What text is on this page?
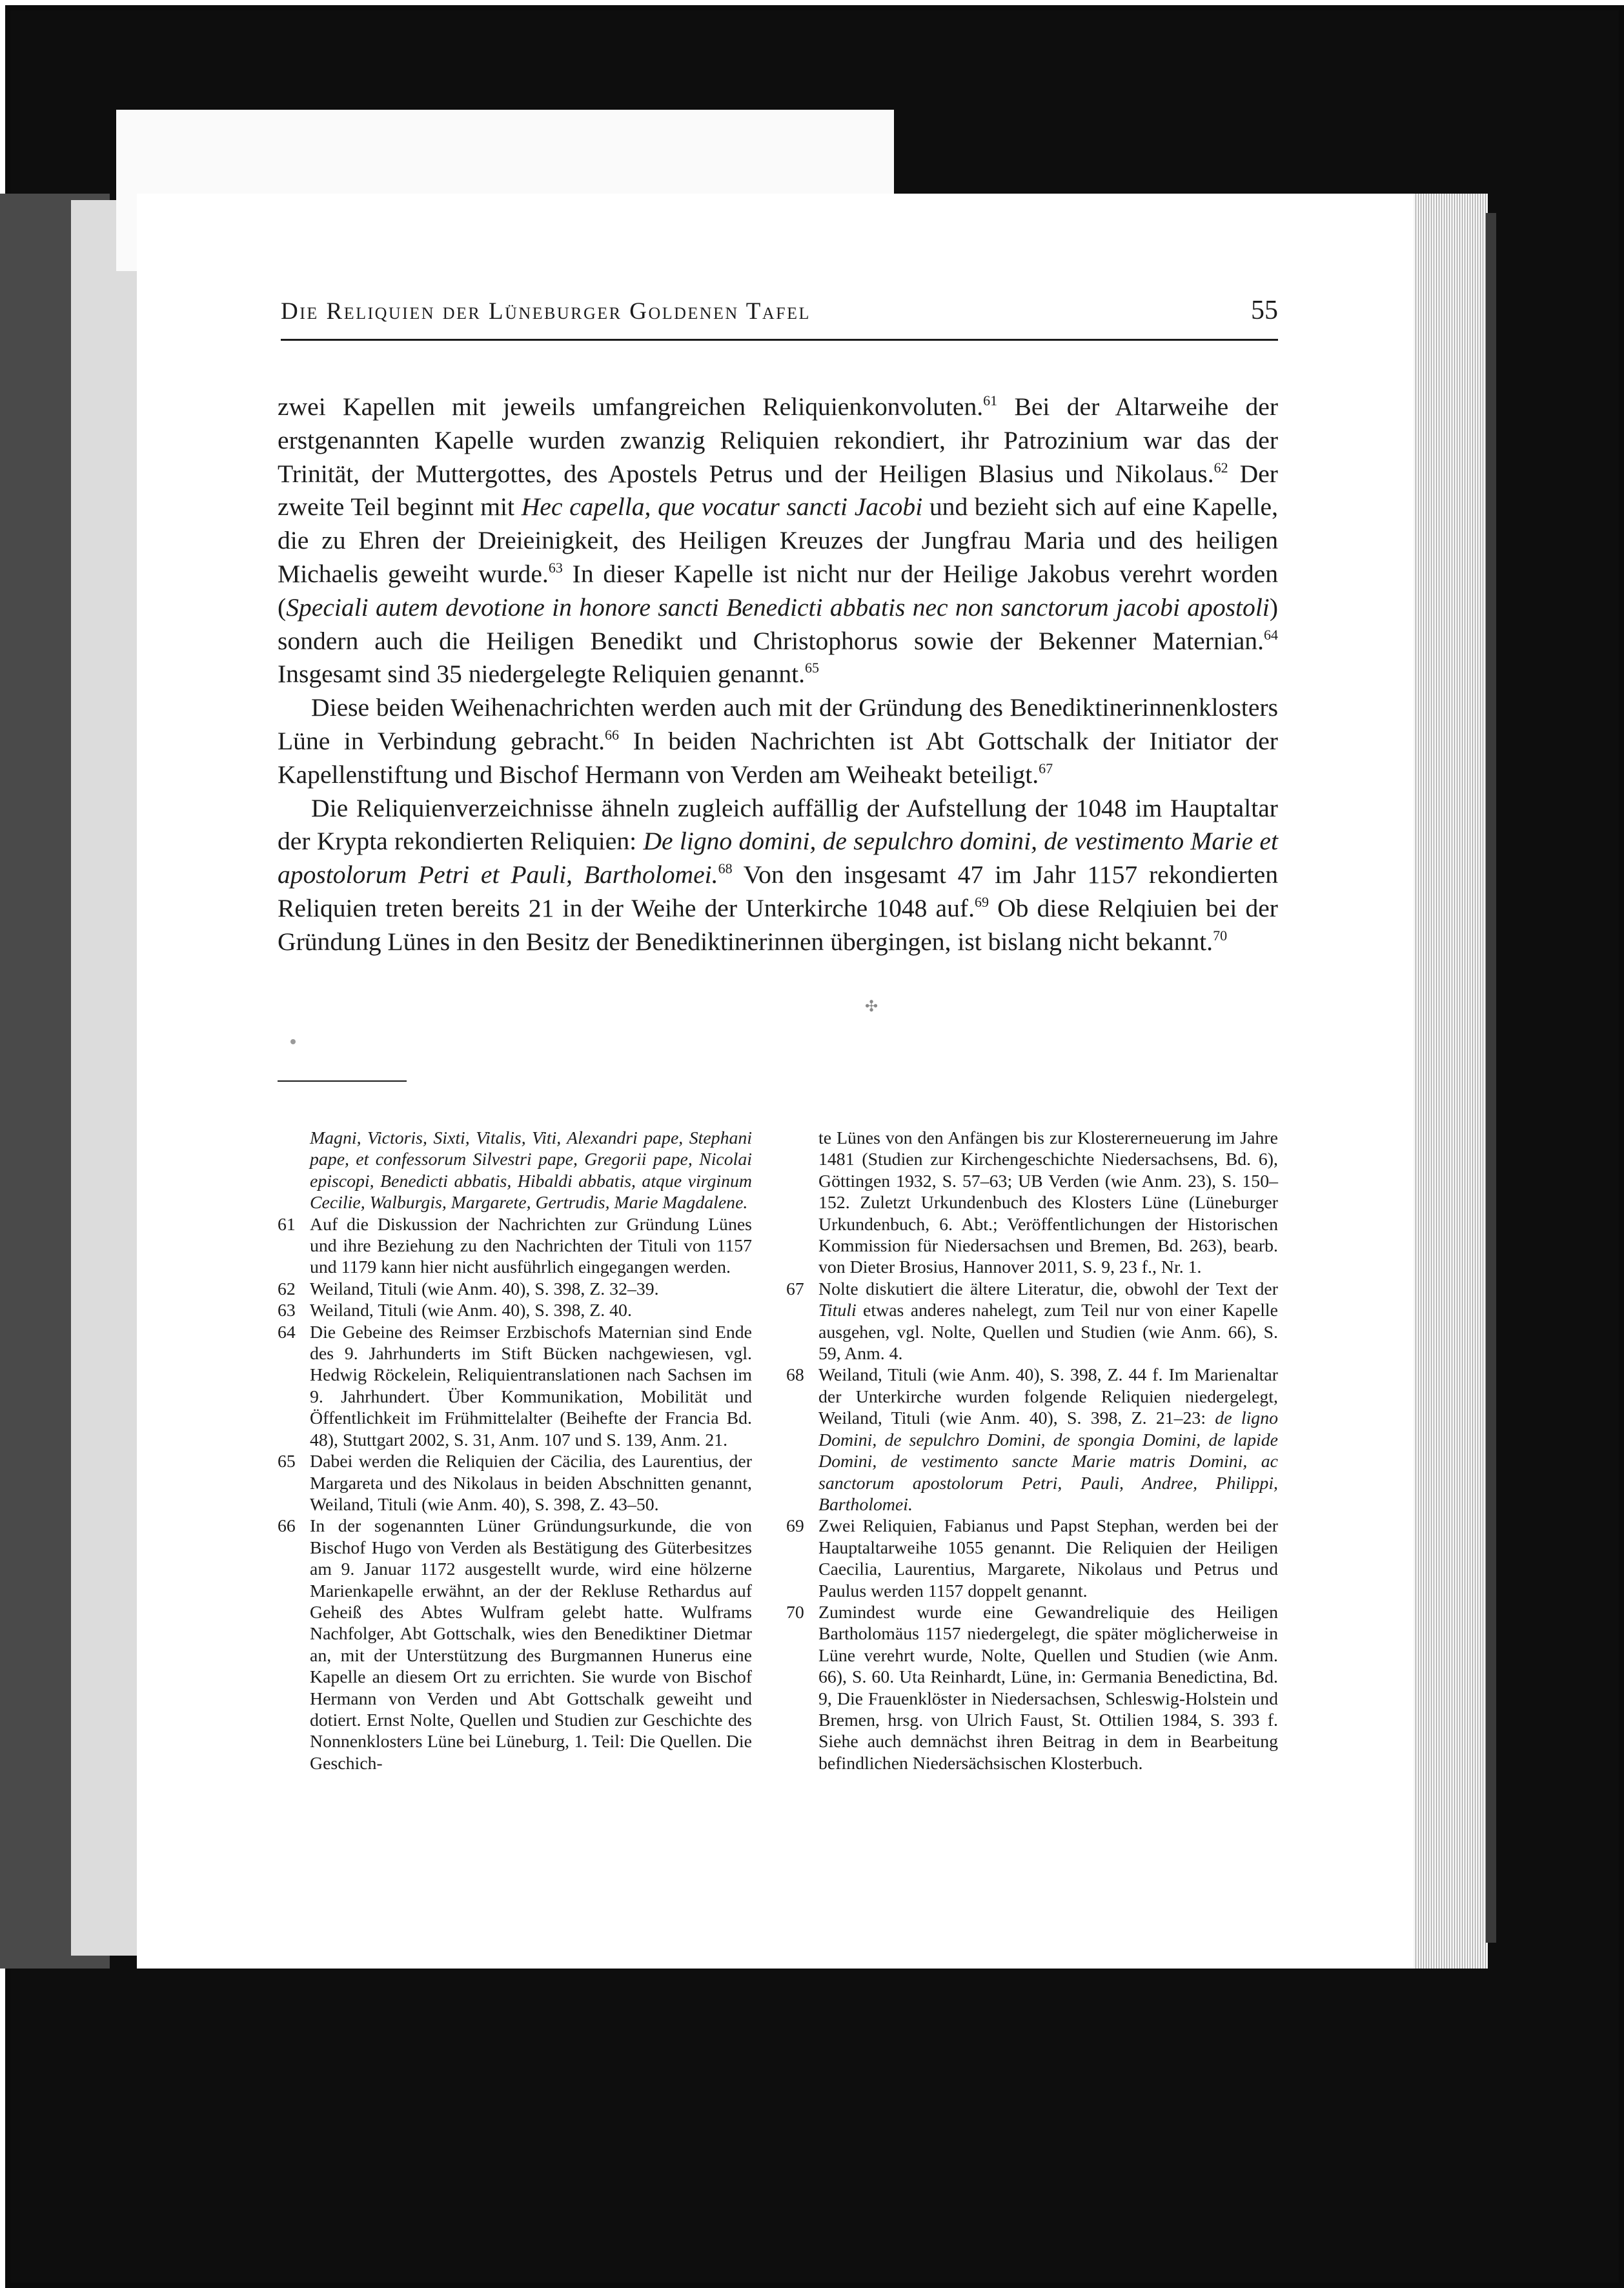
Die Reliquien der Lüneburger Goldenen Tafel	55

zwei Kapellen mit jeweils umfangreichen Reliquienkonvoluten.$^{61}$ Bei der Altarweihe der erstgenannten Kapelle wurden zwanzig Reliquien rekondiert, ihr Patrozinium war das der Trinität, der Muttergottes, des Apostels Petrus und der Heiligen Blasius und Nikolaus.$^{62}$ Der zweite Teil beginnt mit Hec capella, que vocatur sancti Jacobi und bezieht sich auf eine Kapelle, die zu Ehren der Dreieinigkeit, des Heiligen Kreuzes der Jungfrau Maria und des heiligen Michaelis geweiht wurde.$^{63}$ In dieser Kapelle ist nicht nur der Heilige Jakobus verehrt worden (Speciali autem devotione in honore sancti Benedicti abbatis nec non sanctorum jacobi apostoli) sondern auch die Heiligen Benedikt und Christophorus sowie der Bekenner Maternian.$^{64}$ Insgesamt sind 35 niedergelegte Reliquien genannt.$^{65}$

Diese beiden Weihenachrichten werden auch mit der Gründung des Benediktinerinnenklosters Lüne in Verbindung gebracht.$^{66}$ In beiden Nachrichten ist Abt Gottschalk der Initiator der Kapellenstiftung und Bischof Hermann von Verden am Weiheakt beteiligt.$^{67}$

Die Reliquienverzeichnisse ähneln zugleich auffällig der Aufstellung der 1048 im Hauptaltar der Krypta rekondierten Reliquien: De ligno domini, de sepulchro domini, de vestimento Marie et apostolorum Petri et Pauli, Bartholomei.$^{68}$ Von den insgesamt 47 im Jahr 1157 rekondierten Reliquien treten bereits 21 in der Weihe der Unterkirche 1048 auf.$^{69}$ Ob diese Relqiuien bei der Gründung Lünes in den Besitz der Benediktinerinnen übergingen, ist bislang nicht bekannt.$^{70}$

✣
Magni, Victoris, Sixti, Vitalis, Viti, Alexandri pape, Stephani pape, et confessorum Silvestri pape, Gregorii pape, Nicolai episcopi, Benedicti abbatis, Hibaldi abbatis, atque virginum Cecilie, Walburgis, Margarete, Gertrudis, Marie Magdalene.
61 Auf die Diskussion der Nachrichten zur Gründung Lünes und ihre Beziehung zu den Nachrichten der Tituli von 1157 und 1179 kann hier nicht ausführlich eingegangen werden.
62 Weiland, Tituli (wie Anm. 40), S. 398, Z. 32–39.
63 Weiland, Tituli (wie Anm. 40), S. 398, Z. 40.
64 Die Gebeine des Reimser Erzbischofs Maternian sind Ende des 9. Jahrhunderts im Stift Bücken nachgewiesen, vgl. Hedwig Röckelein, Reliquientranslationen nach Sachsen im 9. Jahrhundert. Über Kommunikation, Mobilität und Öffentlichkeit im Frühmittelalter (Beihefte der Francia Bd. 48), Stuttgart 2002, S. 31, Anm. 107 und S. 139, Anm. 21.
65 Dabei werden die Reliquien der Cäcilia, des Laurentius, der Margareta und des Nikolaus in beiden Abschnitten genannt, Weiland, Tituli (wie Anm. 40), S. 398, Z. 43–50.
66 In der sogenannten Lüner Gründungsurkunde, die von Bischof Hugo von Verden als Bestätigung des Güterbesitzes am 9. Januar 1172 ausgestellt wurde, wird eine hölzerne Marienkapelle erwähnt, an der der Rekluse Rethardus auf Geheiß des Abtes Wulfram gelebt hatte. Wulframs Nachfolger, Abt Gottschalk, wies den Benediktiner Dietmar an, mit der Unterstützung des Burgmannen Hunerus eine Kapelle an diesem Ort zu errichten. Sie wurde von Bischof Hermann von Verden und Abt Gottschalk geweiht und dotiert. Ernst Nolte, Quellen und Studien zur Geschichte des Nonnenklosters Lüne bei Lüneburg, 1. Teil: Die Quellen. Die Geschich-
te Lünes von den Anfängen bis zur Klostererneuerung im Jahre 1481 (Studien zur Kirchengeschichte Niedersachsens, Bd. 6), Göttingen 1932, S. 57–63; UB Verden (wie Anm. 23), S. 150–152. Zuletzt Urkundenbuch des Klosters Lüne (Lüneburger Urkundenbuch, 6. Abt.; Veröffentlichungen der Historischen Kommission für Niedersachsen und Bremen, Bd. 263), bearb. von Dieter Brosius, Hannover 2011, S. 9, 23 f., Nr. 1.
67 Nolte diskutiert die ältere Literatur, die, obwohl der Text der Tituli etwas anderes nahelegt, zum Teil nur von einer Kapelle ausgehen, vgl. Nolte, Quellen und Studien (wie Anm. 66), S. 59, Anm. 4.
68 Weiland, Tituli (wie Anm. 40), S. 398, Z. 44 f. Im Marienaltar der Unterkirche wurden folgende Reliquien niedergelegt, Weiland, Tituli (wie Anm. 40), S. 398, Z. 21–23: de ligno Domini, de sepulchro Domini, de spongia Domini, de lapide Domini, de vestimento sancte Marie matris Domini, ac sanctorum apostolorum Petri, Pauli, Andree, Philippi, Bartholomei.
69 Zwei Reliquien, Fabianus und Papst Stephan, werden bei der Hauptaltarweihe 1055 genannt. Die Reliquien der Heiligen Caecilia, Laurentius, Margarete, Nikolaus und Petrus und Paulus werden 1157 doppelt genannt.
70 Zumindest wurde eine Gewandreliquie des Heiligen Bartholomäus 1157 niedergelegt, die später möglicherweise in Lüne verehrt wurde, Nolte, Quellen und Studien (wie Anm. 66), S. 60. Uta Reinhardt, Lüne, in: Germania Benedictina, Bd. 9, Die Frauenklöster in Niedersachsen, Schleswig-Holstein und Bremen, hrsg. von Ulrich Faust, St. Ottilien 1984, S. 393 f. Siehe auch demnächst ihren Beitrag in dem in Bearbeitung befindlichen Niedersächsischen Klosterbuch.
